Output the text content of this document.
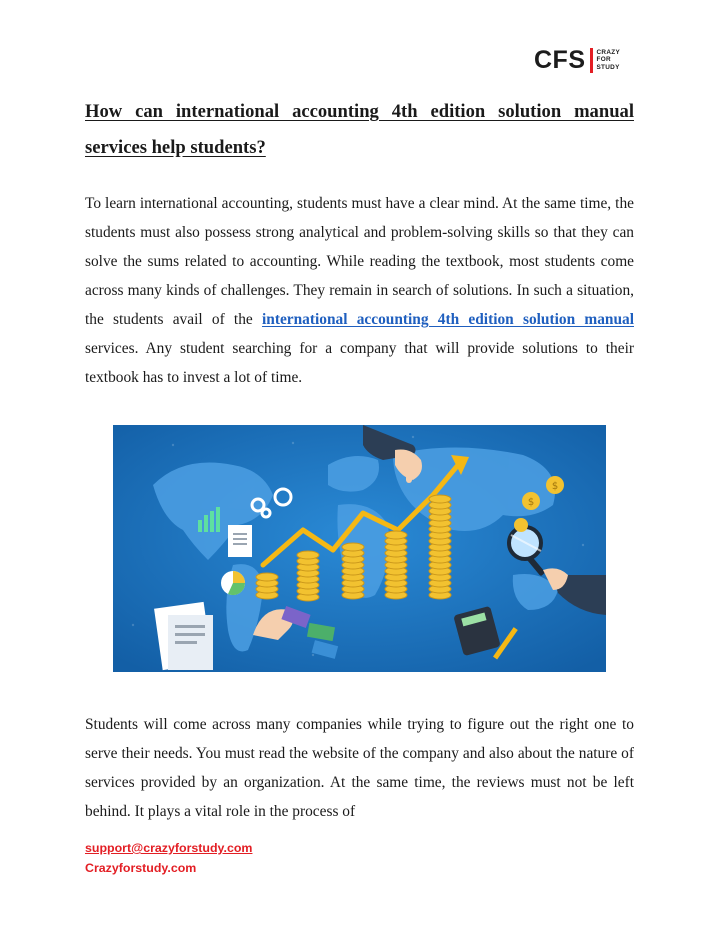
CFS CRAZY
FOR
STUDY
How can international accounting 4th edition solution manual services help students?

To learn international accounting, students must have a clear mind. At the same time, the students must also possess strong analytical and problem-solving skills so that they can solve the sums related to accounting. While reading the textbook, most students come across many kinds of challenges. They remain in search of solutions. In such a situation, the students avail of the international accounting 4th edition solution manual services. Any student searching for a company that will provide solutions to their textbook has to invest a lot of time.

$
$

Students will come across many companies while trying to figure out the right one to serve their needs. You must read the website of the company and also about the nature of services provided by an organization. At the same time, the reviews must not be left behind. It plays a vital role in the process of

support@crazyforstudy.com
Crazyforstudy.com
